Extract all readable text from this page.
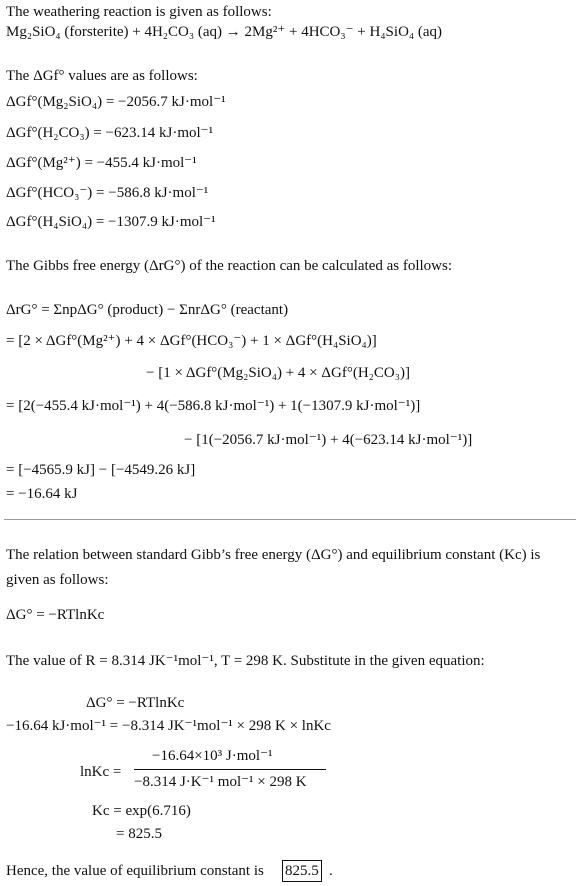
The weathering reaction is given as follows:
Mg₂SiO₄ (forsterite) + 4H₂CO₃ (aq) → 2Mg²⁺ + 4HCO₃⁻ + H₄SiO₄ (aq)
The ΔGf° values are as follows:
ΔGf°(Mg₂SiO₄) = −2056.7 kJ·mol⁻¹
ΔGf°(H₂CO₃) = −623.14 kJ·mol⁻¹
ΔGf°(Mg²⁺) = −455.4 kJ·mol⁻¹
ΔGf°(HCO₃⁻) = −586.8 kJ·mol⁻¹
ΔGf°(H₄SiO₄) = −1307.9 kJ·mol⁻¹
The Gibbs free energy (ΔrG°) of the reaction can be calculated as follows:
ΔrG° = ΣnpΔG° (product) − ΣnrΔG° (reactant)
= [2 × ΔGf°(Mg²⁺) + 4 × ΔGf°(HCO₃⁻) + 1 × ΔGf°(H₄SiO₄)]
− [1 × ΔGf°(Mg₂SiO₄) + 4 × ΔGf°(H₂CO₃)]
= [2(−455.4 kJ·mol⁻¹) + 4(−586.8 kJ·mol⁻¹) + 1(−1307.9 kJ·mol⁻¹)]
− [1(−2056.7 kJ·mol⁻¹) + 4(−623.14 kJ·mol⁻¹)]
= [−4565.9 kJ] − [−4549.26 kJ]
= −16.64 kJ
The relation between standard Gibb’s free energy (ΔG°) and equilibrium constant (Kc) is
given as follows:
ΔG° = −RTlnKc
The value of R = 8.314 JK⁻¹mol⁻¹, T = 298 K. Substitute in the given equation:
ΔG° = −RTlnKc
−16.64 kJ·mol⁻¹ = −8.314 JK⁻¹mol⁻¹ × 298 K × lnKc
lnKc =
−16.64×10³ J·mol⁻¹
−8.314 J·K⁻¹ mol⁻¹ × 298 K
Kc = exp(6.716)
= 825.5
Hence, the value of equilibrium constant is 825.5 .
